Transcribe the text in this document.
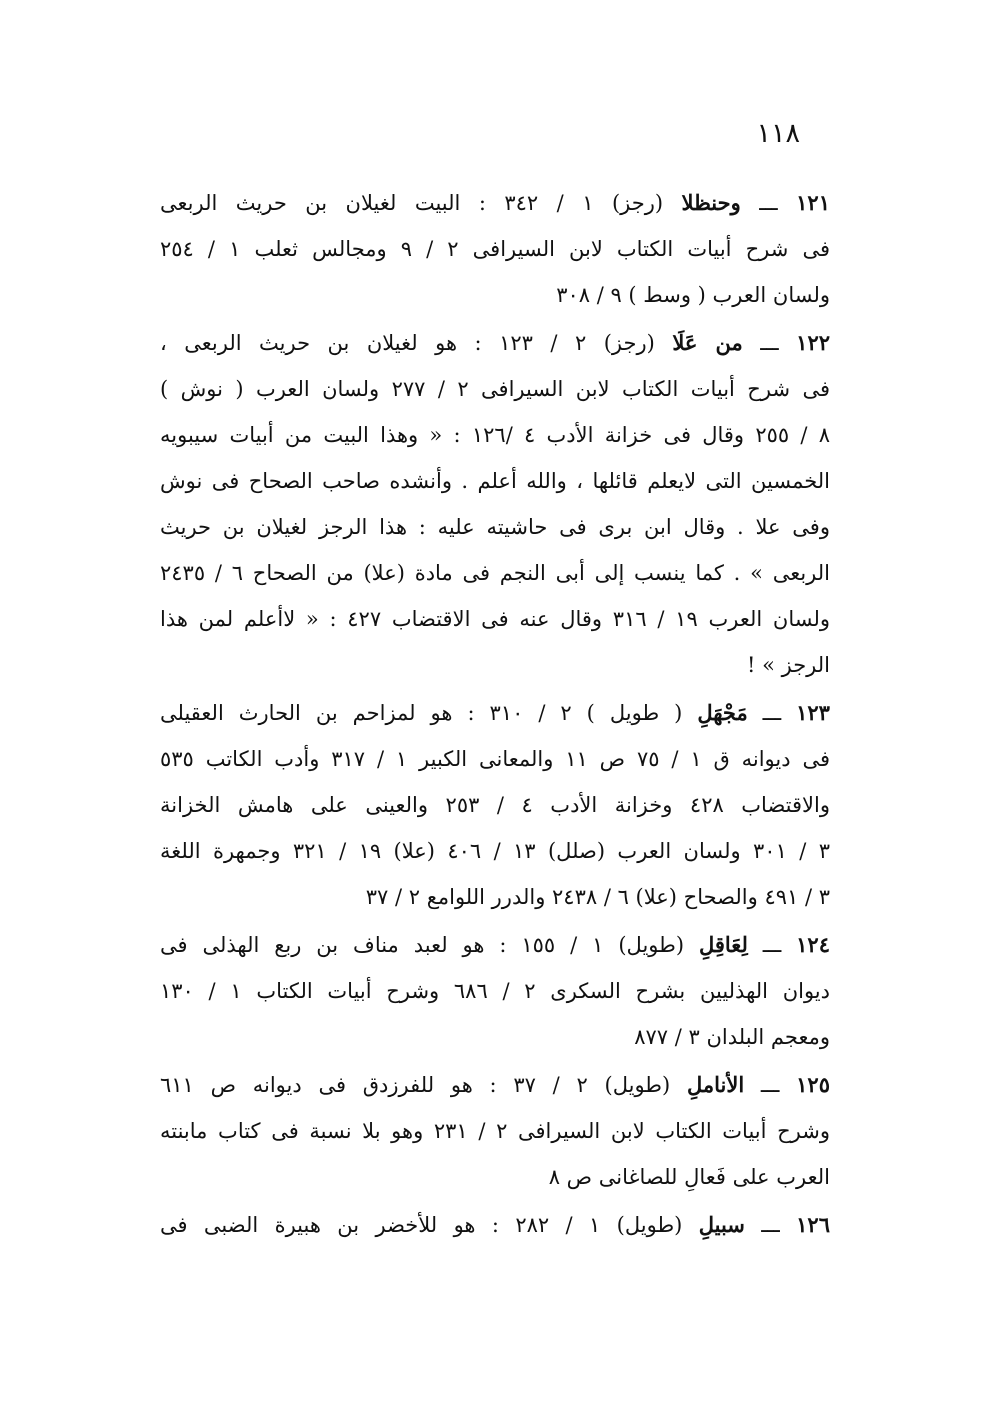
١١٨
١٢١ ـــ وحنظلا (رجز) ١ / ٣٤٢ : البيت لغيلان بن حريث الربعى
فى شرح أبيات الكتاب لابن السيرافى ٢ / ٩ ومجالس ثعلب ١ / ٢٥٤
ولسان العرب ( وسط ) ٩ / ٣٠٨
١٢٢ ـــ من عَلَا (رجز) ٢ / ١٢٣ : هو لغيلان بن حريث الربعى ،
فى شرح أبيات الكتاب لابن السيرافى ٢ / ٢٧٧ ولسان العرب ( نوش )
٨ / ٢٥٥ وقال فى خزانة الأدب ٤ /١٢٦ : « وهذا البيت من أبيات سيبويه
الخمسين التى لايعلم قائلها ، والله أعلم . وأنشده صاحب الصحاح فى نوش
وفى علا . وقال ابن برى فى حاشيته عليه : هذا الرجز لغيلان بن حريث
الربعى » . كما ينسب إلى أبى النجم فى مادة (علا) من الصحاح ٦ / ٢٤٣٥
ولسان العرب ١٩ / ٣١٦ وقال عنه فى الاقتضاب ٤٢٧ : « لاأعلم لمن هذا
الرجز » !
١٢٣ ـــ مَجْهَلِ ( طويل ) ٢ / ٣١٠ : هو لمزاحم بن الحارث العقيلى
فى ديوانه ق ١ / ٧٥ ص ١١ والمعانى الكبير ١ / ٣١٧ وأدب الكاتب ٥٣٥
والاقتضاب ٤٢٨ وخزانة الأدب ٤ / ٢٥٣ والعينى على هامش الخزانة
٣ / ٣٠١ ولسان العرب (صلل) ١٣ / ٤٠٦ (علا) ١٩ / ٣٢١ وجمهرة اللغة
٣ / ٤٩١ والصحاح (علا) ٦ / ٢٤٣٨ والدرر اللوامع ٢ / ٣٧
١٢٤ ـــ لِعَاقِلِ (طويل) ١ / ١٥٥ : هو لعبد مناف بن ربع الهذلى فى
ديوان الهذليين بشرح السكرى ٢ / ٦٨٦ وشرح أبيات الكتاب ١ / ١٣٠
ومعجم البلدان ٣ / ٨٧٧
١٢٥ ـــ الأناملِ (طويل) ٢ / ٣٧ : هو للفرزدق فى ديوانه ص ٦١١
وشرح أبيات الكتاب لابن السيرافى ٢ / ٢٣١ وهو بلا نسبة فى كتاب مابنته
العرب على فَعالِ للصاغانى ص ٨
١٢٦ ـــ سبيلِ (طويل) ١ / ٢٨٢ : هو للأخضر بن هبيرة الضبى فى
